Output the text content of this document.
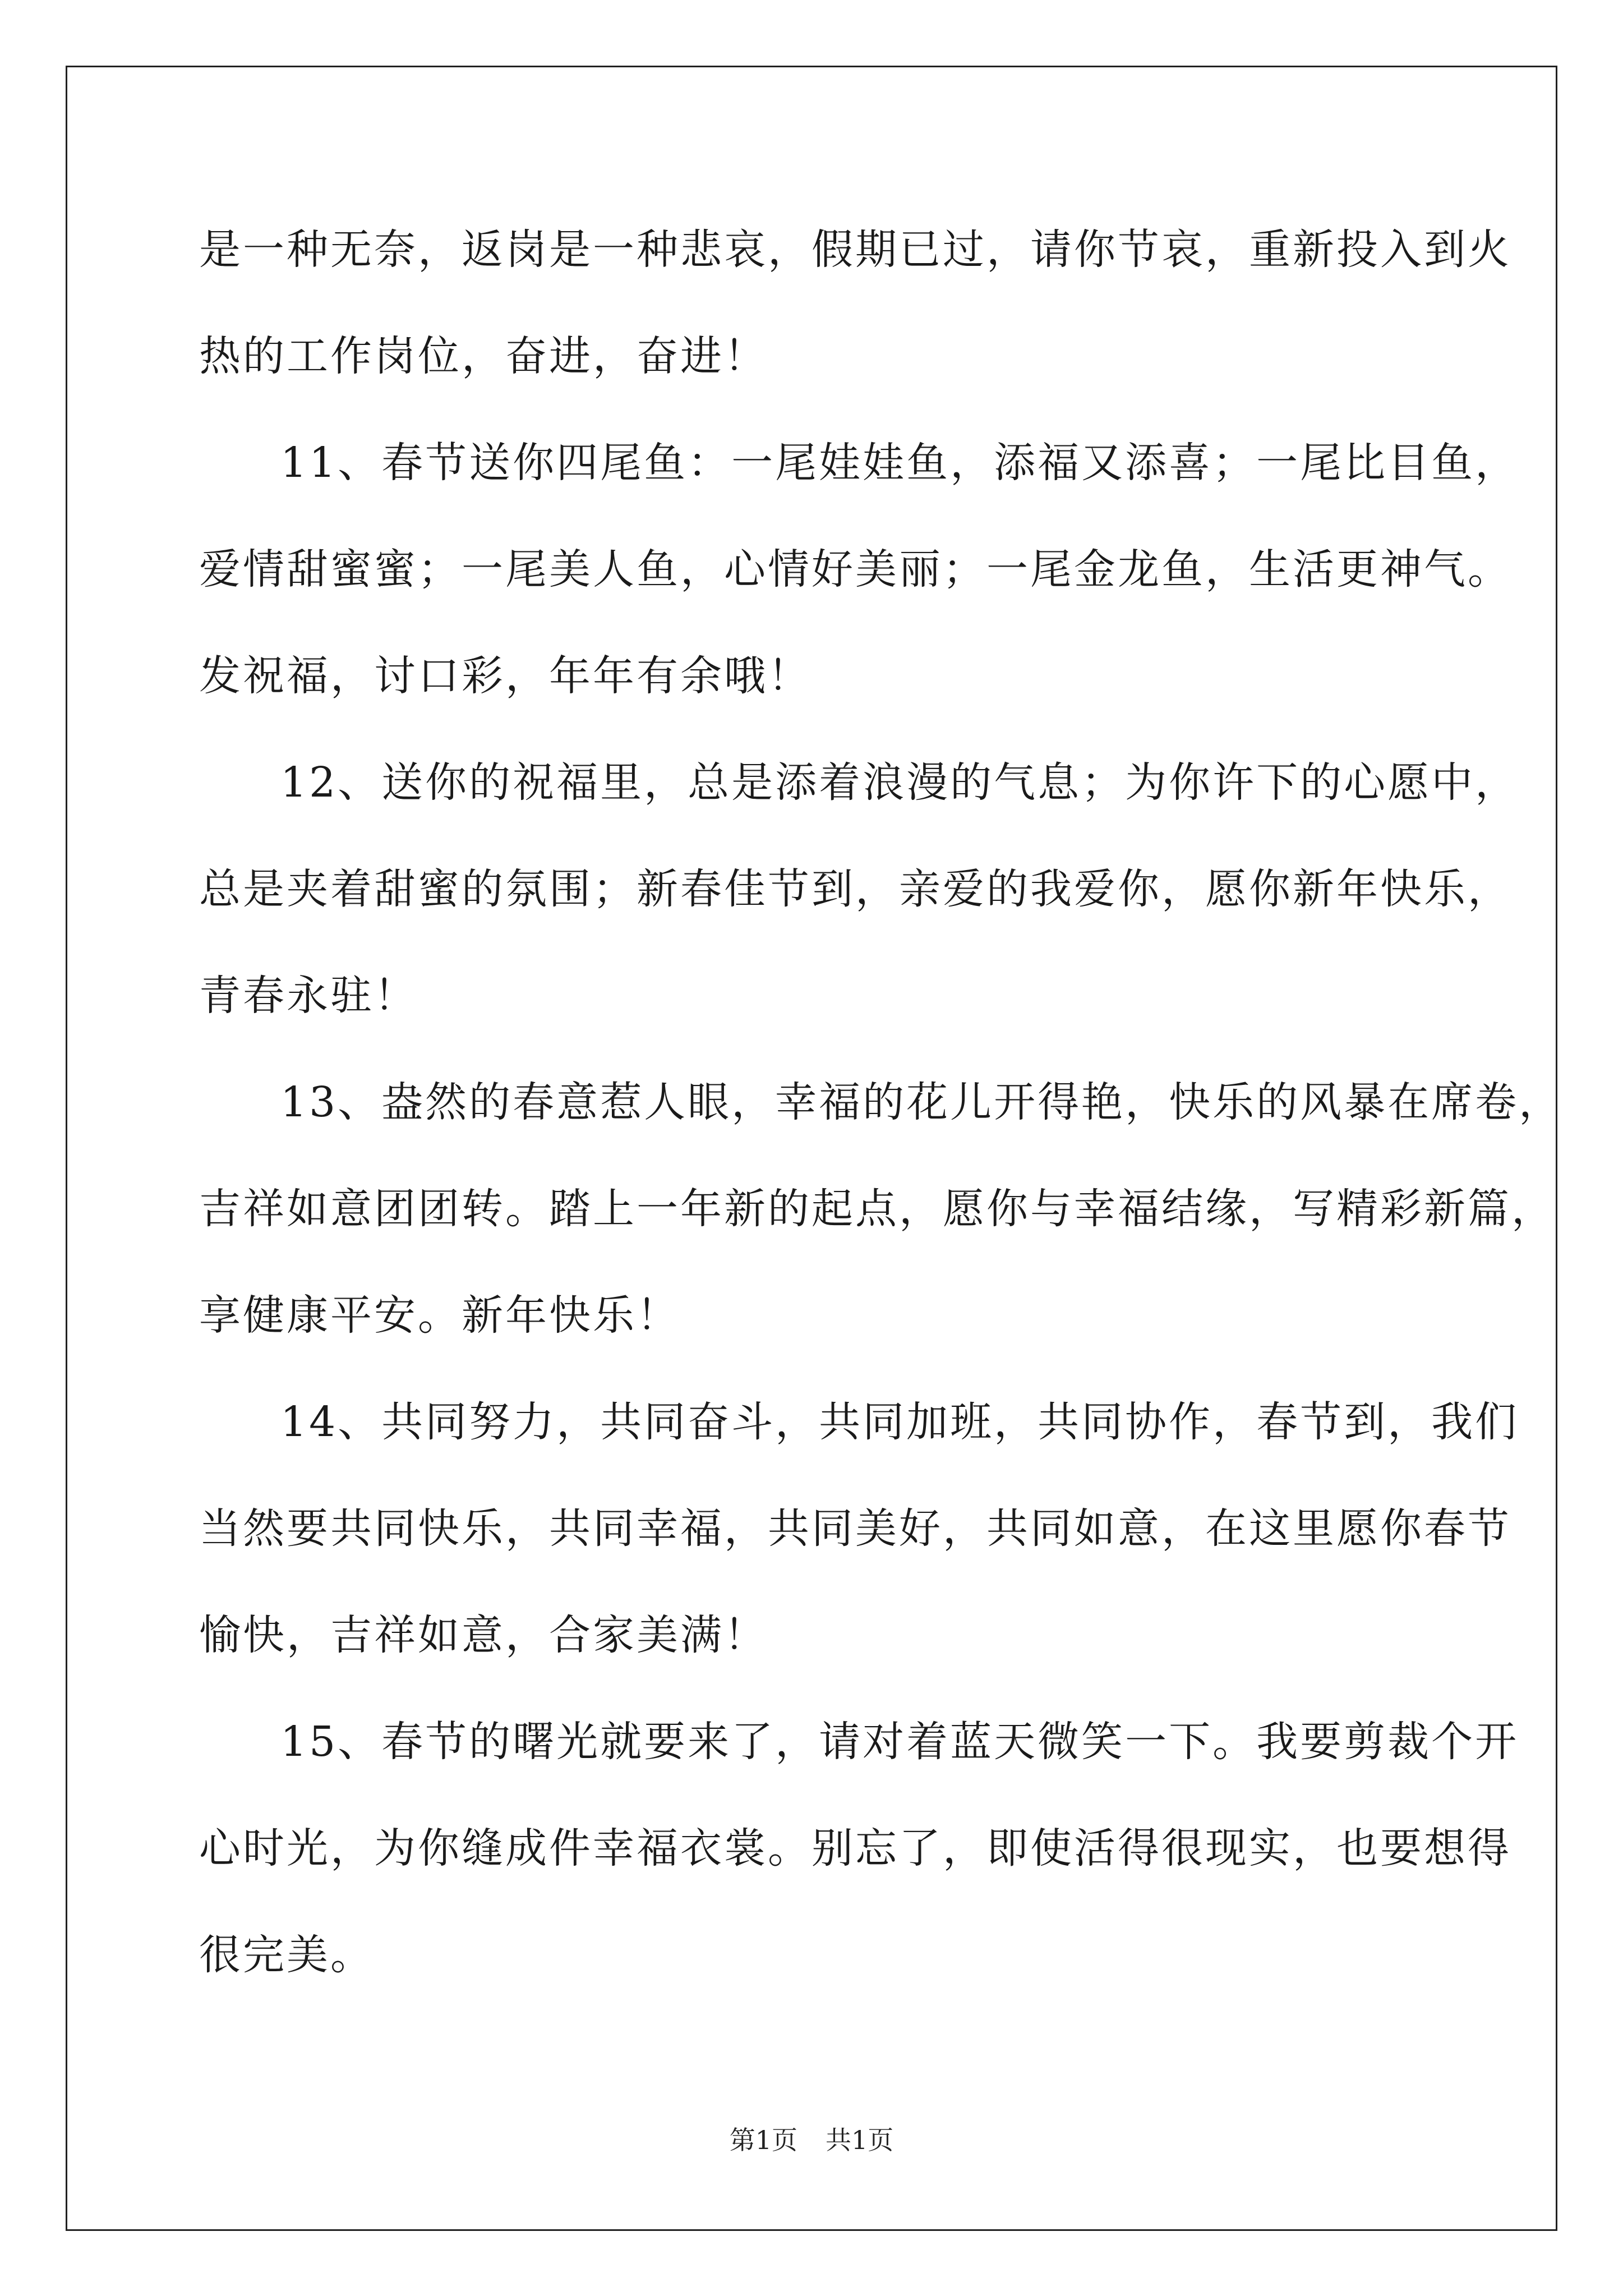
是一种无奈，返岗是一种悲哀，假期已过，请你节哀，重新投入到火
热的工作岗位，奋进，奋进！
11、春节送你四尾鱼：一尾娃娃鱼，添福又添喜；一尾比目鱼，
爱情甜蜜蜜；一尾美人鱼，心情好美丽；一尾金龙鱼，生活更神气。
发祝福，讨口彩，年年有余哦！
12、送你的祝福里，总是添着浪漫的气息；为你许下的心愿中，
总是夹着甜蜜的氛围；新春佳节到，亲爱的我爱你，愿你新年快乐，
青春永驻！
13、盎然的春意惹人眼，幸福的花儿开得艳，快乐的风暴在席卷，
吉祥如意团团转。踏上一年新的起点，愿你与幸福结缘，写精彩新篇，
享健康平安。新年快乐！
14、共同努力，共同奋斗，共同加班，共同协作，春节到，我们
当然要共同快乐，共同幸福，共同美好，共同如意，在这里愿你春节
愉快，吉祥如意，合家美满！
15、春节的曙光就要来了，请对着蓝天微笑一下。我要剪裁个开
心时光，为你缝成件幸福衣裳。别忘了，即使活得很现实，也要想得
很完美。
第1页 共1页
